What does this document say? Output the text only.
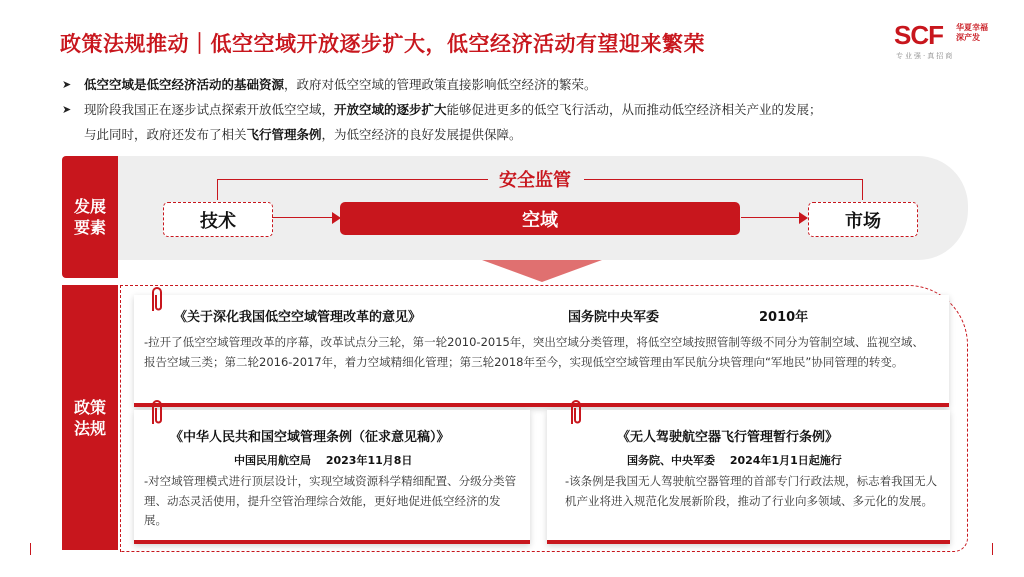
政策法规推动｜低空空域开放逐步扩大，低空经济活动有望迎来繁荣	SCF 华夏幸福 深产发
专业强·真招商
➤ 低空空域是低空经济活动的基础资源，政府对低空空域的管理政策直接影响低空经济的繁荣。
➤ 现阶段我国正在逐步试点探索开放低空空域，开放空域的逐步扩大能够促进更多的低空飞行活动，从而推动低空经济相关产业的发展；
与此同时，政府还发布了相关飞行管理条例，为低空经济的良好发展提供保障。
发展要素
安全监管
技术	空域	市场
政策法规
《关于深化我国低空空域管理改革的意见》	国务院中央军委	2010年
-拉开了低空空域管理改革的序幕，改革试点分三轮，第一轮2010-2015年，突出空域分类管理，将低空空域按照管制等级不同分为管制空域、监视空域、报告空域三类；第二轮2016-2017年，着力空域精细化管理；第三轮2018年至今，实现低空空域管理由军民航分块管理向“军地民”协同管理的转变。
《中华人民共和国空域管理条例（征求意见稿）》
中国民用航空局　 2023年11月8日
-对空域管理模式进行顶层设计，实现空域资源科学精细配置、分级分类管理、动态灵活使用，提升空管治理综合效能，更好地促进低空经济的发展。
《无人驾驶航空器飞行管理暂行条例》
国务院、中央军委　 2024年1月1日起施行
-该条例是我国无人驾驶航空器管理的首部专门行政法规，标志着我国无人机产业将进入规范化发展新阶段，推动了行业向多领域、多元化的发展。
